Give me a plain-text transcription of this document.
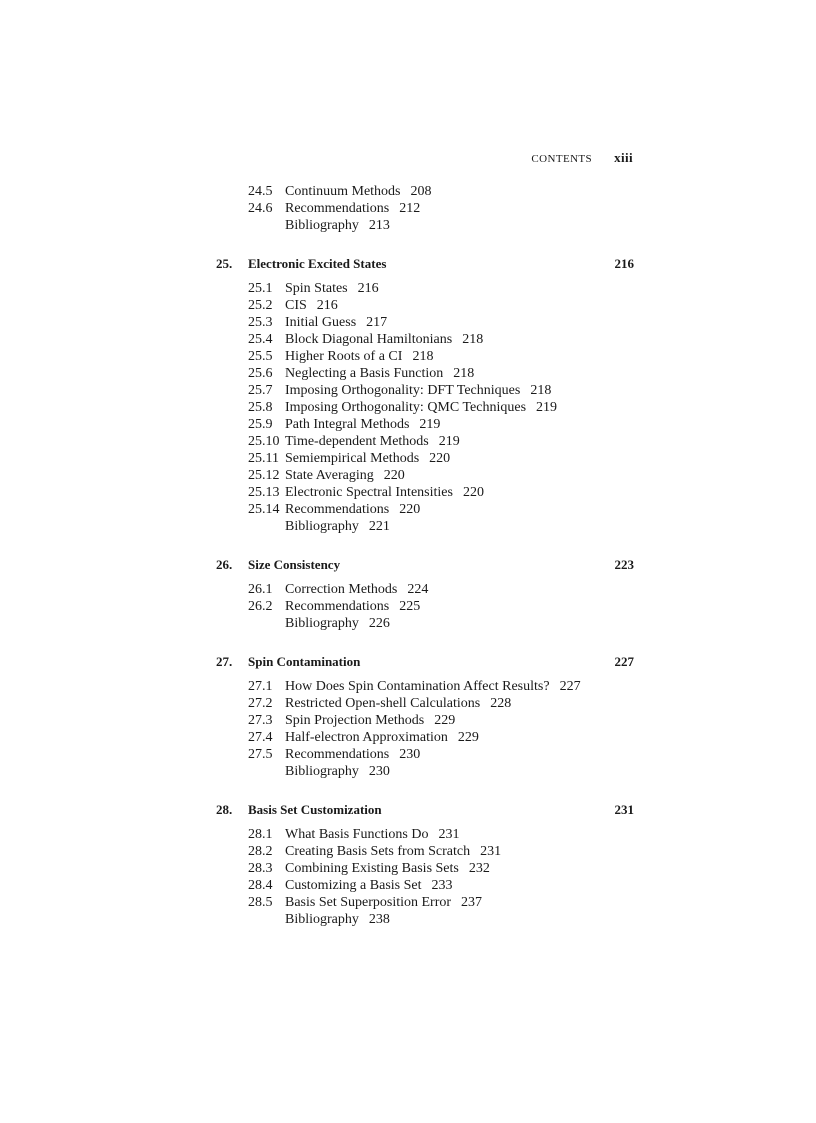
CONTENTS xiii
24.5 Continuum Methods 208
24.6 Recommendations 212
Bibliography 213
25.	Electronic Excited States	216
25.1 Spin States 216
25.2 CIS 216
25.3 Initial Guess 217
25.4 Block Diagonal Hamiltonians 218
25.5 Higher Roots of a CI 218
25.6 Neglecting a Basis Function 218
25.7 Imposing Orthogonality: DFT Techniques 218
25.8 Imposing Orthogonality: QMC Techniques 219
25.9 Path Integral Methods 219
25.10 Time-dependent Methods 219
25.11 Semiempirical Methods 220
25.12 State Averaging 220
25.13 Electronic Spectral Intensities 220
25.14 Recommendations 220
Bibliography 221
26.	Size Consistency	223
26.1 Correction Methods 224
26.2 Recommendations 225
Bibliography 226
27.	Spin Contamination	227
27.1 How Does Spin Contamination Affect Results? 227
27.2 Restricted Open-shell Calculations 228
27.3 Spin Projection Methods 229
27.4 Half-electron Approximation 229
27.5 Recommendations 230
Bibliography 230
28.	Basis Set Customization	231
28.1 What Basis Functions Do 231
28.2 Creating Basis Sets from Scratch 231
28.3 Combining Existing Basis Sets 232
28.4 Customizing a Basis Set 233
28.5 Basis Set Superposition Error 237
Bibliography 238
